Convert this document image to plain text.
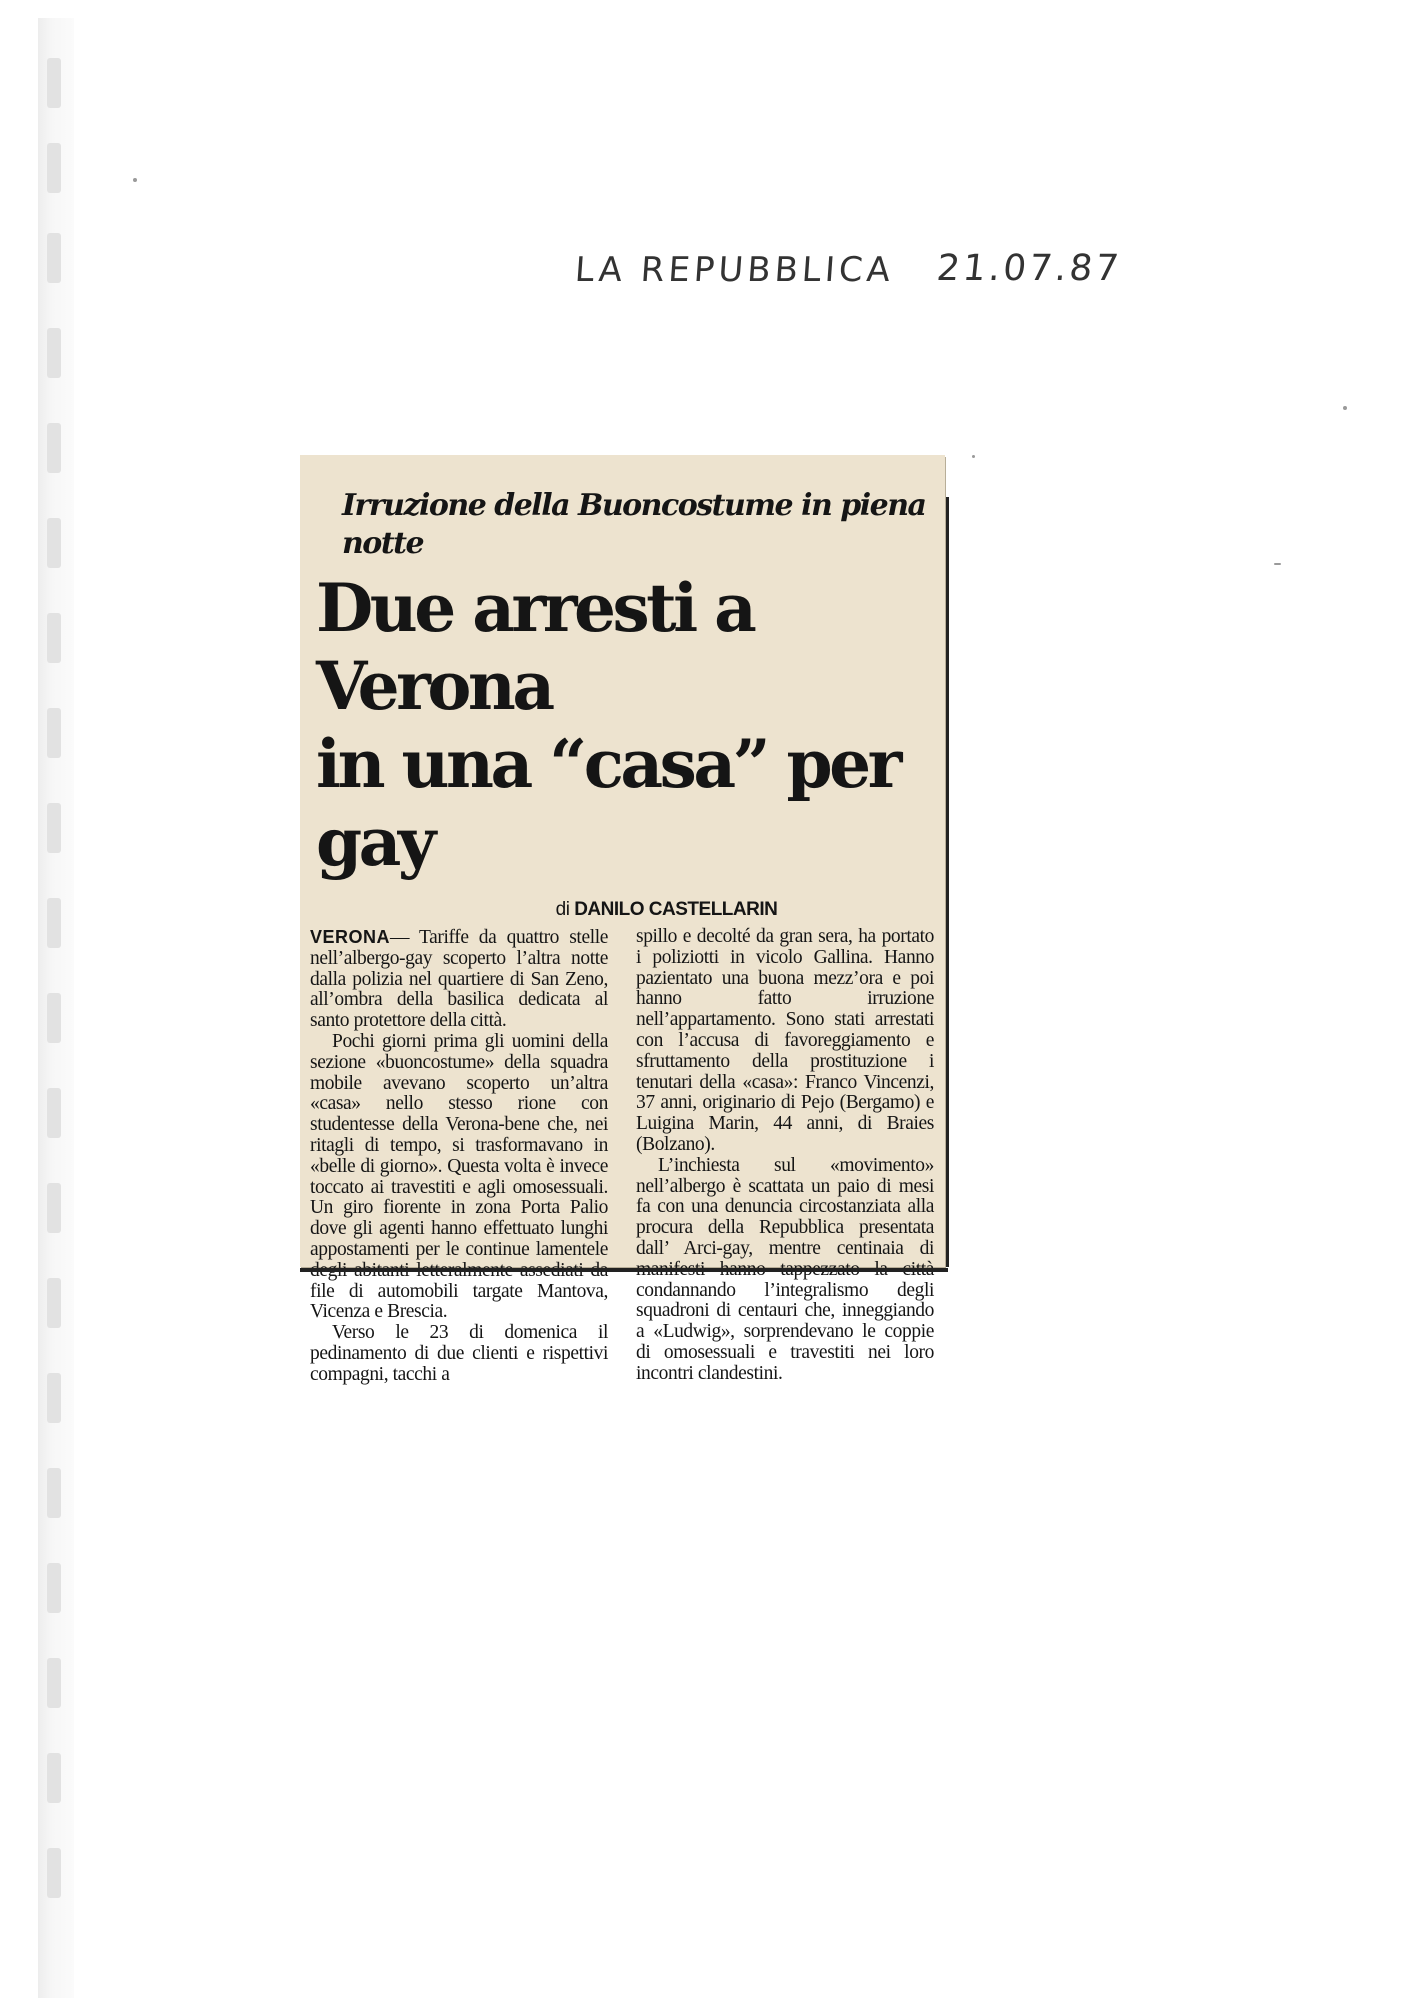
LA REPUBBLICA 21.07.87
Irruzione della Buoncostume in piena notte
Due arresti a Verona
in una “casa” per gay
di DANILO CASTELLARIN

VERONA— Tariffe da quattro stelle nell’albergo-gay scoperto l’altra notte dalla polizia nel quartiere di San Zeno, all’ombra della basilica dedicata al santo protettore della città.

Pochi giorni prima gli uomini della sezione «buoncostume» della squadra mobile avevano scoperto un’altra «casa» nello stesso rione con studentesse della Verona-bene che, nei ritagli di tempo, si trasformavano in «belle di giorno». Questa volta è invece toccato ai travestiti e agli omosessuali. Un giro fiorente in zona Porta Palio dove gli agenti hanno effettuato lunghi appostamenti per le continue lamentele file di automobili targate Mantova, Vicenza e Brescia.

Verso le 23 di domenica il pedinamento di due clienti e rispettivi compagni, tacchi a

spillo e decolté da gran sera, ha portato i poliziotti in vicolo Gallina. Hanno pazientato una buona mezz’ora e poi hanno fatto irruzione nell’appartamento. Sono stati arrestati con l’accusa di favoreggiamento e sfruttamento della prostituzione i tenutari della «casa»: Franco Vincenzi, 37 anni, originario di Pejo (Bergamo) e Luigina Marin, 44 anni, di Braies (Bolzano).

L’inchiesta sul «movimento» nell’albergo è scattata un paio di mesi fa con una denuncia circostanziata alla procura della Repubblica presentata dall’ Arci-gay, mentre centinaia di condannando l’integralismo degli squadroni di centauri che, inneggiando a «Ludwig», sorprendevano le coppie di omosessuali e travestiti nei loro incontri clandestini.
